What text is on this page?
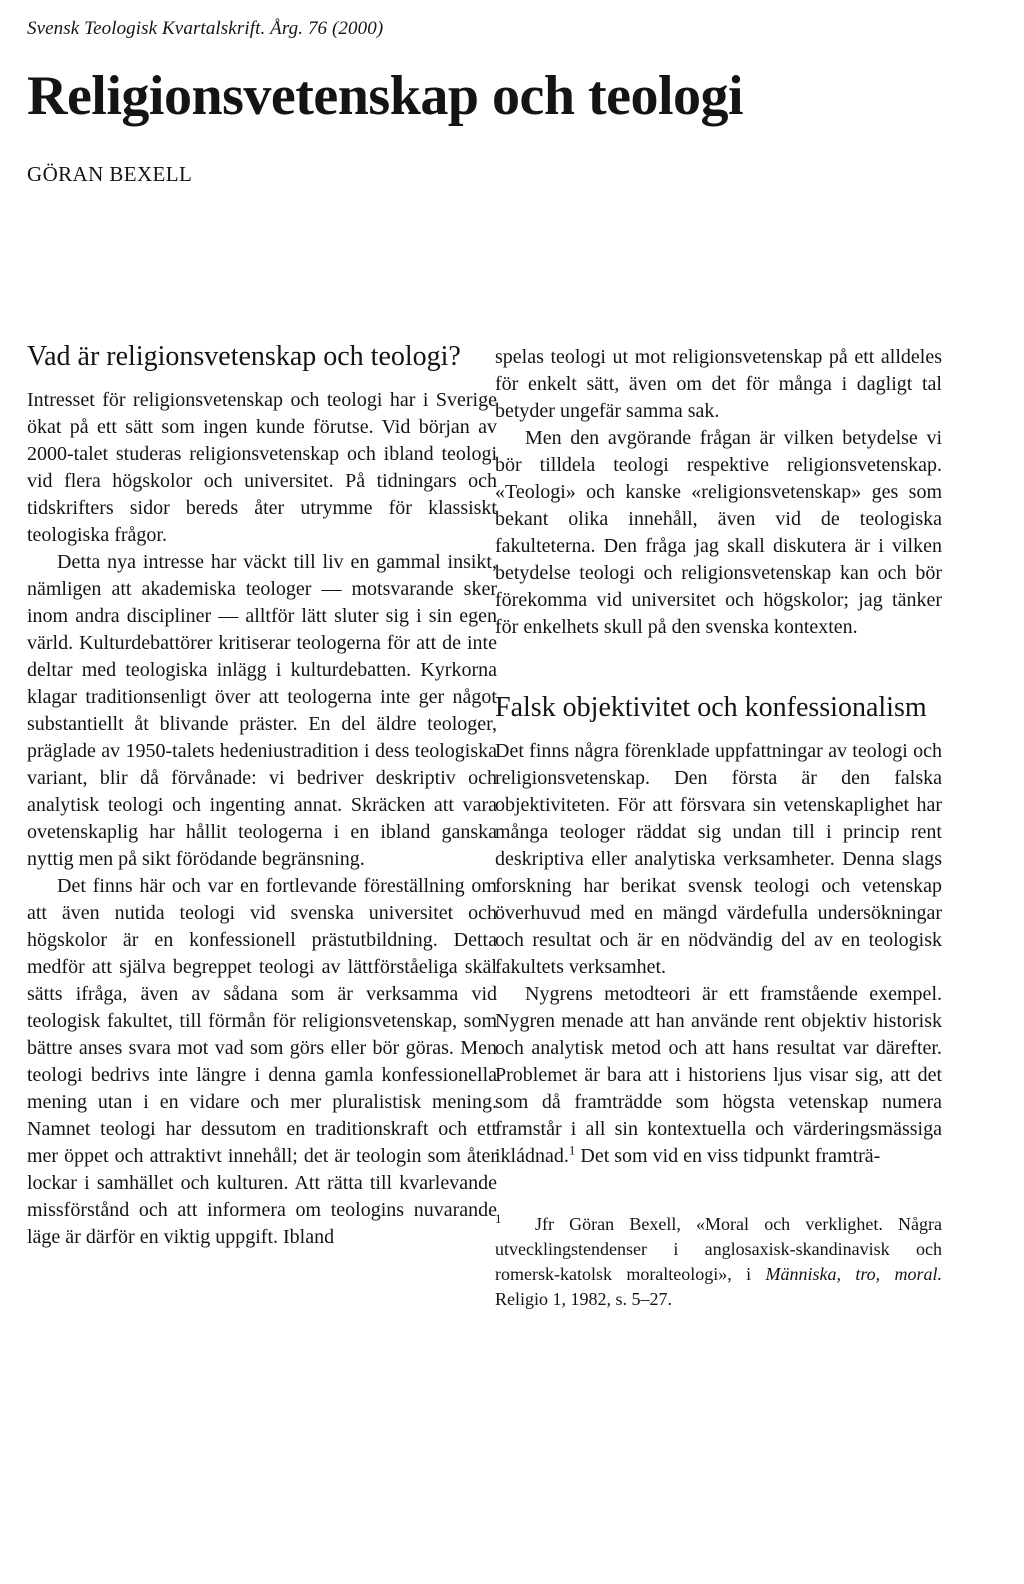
Svensk Teologisk Kvartalskrift. Årg. 76 (2000)
Religionsvetenskap och teologi
GÖRAN BEXELL
Vad är religionsvetenskap och teologi?

Intresset för religionsvetenskap och teologi har i Sverige ökat på ett sätt som ingen kunde förutse. Vid början av 2000-talet studeras religionsvetenskap och ibland teologi vid flera högskolor och universitet. På tidningars och tidskrifters sidor bereds åter utrymme för klassiskt teologiska frågor.

Detta nya intresse har väckt till liv en gammal insikt, nämligen att akademiska teologer — motsvarande sker inom andra discipliner — alltför lätt sluter sig i sin egen värld. Kulturdebattörer kritiserar teologerna för att de inte deltar med teologiska inlägg i kulturdebatten. Kyrkorna klagar traditionsenligt över att teologerna inte ger något substantiellt åt blivande präster. En del äldre teologer, präglade av 1950-talets hedeniustradition i dess teologiska variant, blir då förvånade: vi bedriver deskriptiv och analytisk teologi och ingenting annat. Skräcken att vara ovetenskaplig har hållit teologerna i en ibland ganska nyttig men på sikt förödande begränsning.

Det finns här och var en fortlevande föreställning om att även nutida teologi vid svenska universitet och högskolor är en konfessionell prästutbildning. Detta medför att själva begreppet teologi av lättförståeliga skäl sätts ifråga, även av sådana som är verksamma vid teologisk fakultet, till förmån för religionsvetenskap, som bättre anses svara mot vad som görs eller bör göras. Men teologi bedrivs inte längre i denna gamla konfessionella mening utan i en vidare och mer pluralistisk mening. Namnet teologi har dessutom en traditionskraft och ett mer öppet och attraktivt innehåll; det är teologin som åter lockar i samhället och kulturen. Att rätta till kvarlevande missförstånd och att informera om teologins nuvarande läge är därför en viktig uppgift. Ibland

spelas teologi ut mot religionsvetenskap på ett alldeles för enkelt sätt, även om det för många i dagligt tal betyder ungefär samma sak.

Men den avgörande frågan är vilken betydelse vi bör tilldela teologi respektive religionsvetenskap. «Teologi» och kanske «religionsvetenskap» ges som bekant olika innehåll, även vid de teologiska fakulteterna. Den fråga jag skall diskutera är i vilken betydelse teologi och religionsvetenskap kan och bör förekomma vid universitet och högskolor; jag tänker för enkelhets skull på den svenska kontexten.

Falsk objektivitet och konfessionalism

Det finns några förenklade uppfattningar av teologi och religionsvetenskap. Den första är den falska objektiviteten. För att försvara sin vetenskaplighet har många teologer räddat sig undan till i princip rent deskriptiva eller analytiska verksamheter. Denna slags forskning har berikat svensk teologi och vetenskap överhuvud med en mängd värdefulla undersökningar och resultat och är en nödvändig del av en teologisk fakultets verksamhet.

Nygrens metodteori är ett framstående exempel. Nygren menade att han använde rent objektiv historisk och analytisk metod och att hans resultat var därefter. Problemet är bara att i historiens ljus visar sig, att det som då framträdde som högsta vetenskap numera framstår i all sin kontextuella och värderingsmässiga ikládnad.$^1$ Det som vid en viss tidpunkt framträ-

$^1$ Jfr Göran Bexell, «Moral och verklighet. Några utvecklingstendenser i anglosaxisk-skandinavisk och romersk-katolsk moralteologi», i Människa, tro, moral. Religio 1, 1982, s. 5–27.
